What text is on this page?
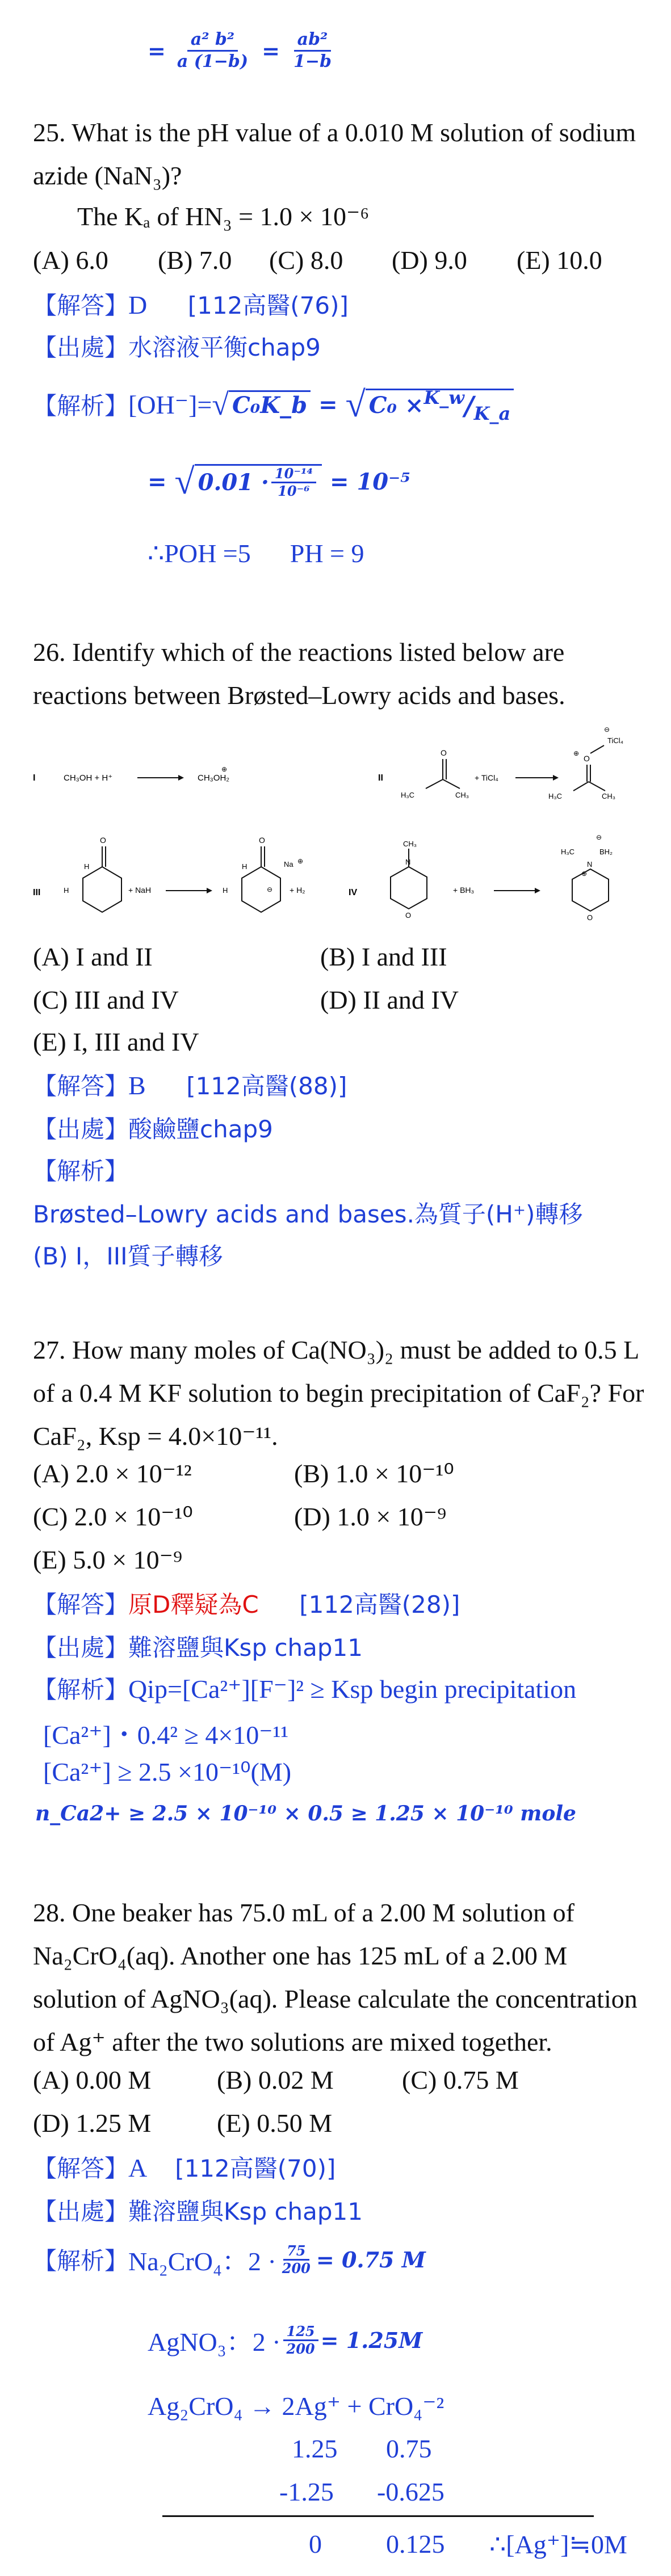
= $\frac{\text{a² b²}}{a (1-b)} = \frac{\text{ab²}}{1-b}$
25. What is the pH value of a 0.010 M solution of sodium azide (NaN₃)?
The Kₐ of HN₃ = 1.0 × 10⁻⁶
(A) 6.0 (B) 7.0 (C) 8.0 (D) 9.0 (E) 10.0
【解答】D [112高醫(76)]
【出處】水溶液平衡chap9
【解析】 [OH⁻]= √ C₀K_b = √ C₀ × K_w / K_a
= √ $0.01 \cdot \frac{\text{10⁻¹⁴}}{\text{10⁻⁶}} = 10^{-5}$
∴POH =5      PH = 9
26. Identify which of the reactions listed below are reactions between Brøsted–Lowry acids and bases.
I	CH₃OH + H⁺	CH₃OH₂
⊕
II
O
H₃C	CH₃
+ TiCl₄
⊖
TiCl₄
⊕
O
H₃C	CH₃
III
O
H
H
+ NaH
O
H
H	Na ⊕
⊖ + H₂	IV
N
CH₃
O
+ BH₃
N
⊕
H₃C	BH₂
⊖
O
(A) I and II	(B) I and III
(C) III and IV	(D) II and IV
(E) I, III and IV
【解答】B [112高醫(88)]
【出處】酸鹼鹽chap9
【解析】
Brøsted–Lowry acids and bases.為質子(H⁺)轉移
(B) I，III質子轉移
27. How many moles of Ca(NO₃)₂ must be added to 0.5 L of a 0.4 M KF solution to begin precipitation of CaF₂? For CaF₂, Ksp = 4.0×10⁻¹¹.
(A) 2.0 × 10⁻¹²	(B) 1.0 × 10⁻¹⁰
(C) 2.0 × 10⁻¹⁰	(D) 1.0 × 10⁻⁹
(E) 5.0 × 10⁻⁹
【解答】原D釋疑為C [112高醫(28)]
【出處】難溶鹽與Ksp chap11
【解析】Qip=[Ca²⁺][F⁻]² ≥ Ksp begin precipitation
[Ca²⁺]・0.4² ≥ 4×10⁻¹¹
[Ca²⁺] ≥ 2.5 ×10⁻¹⁰(M)
n_Ca2+ ≥ 2.5 × 10⁻¹⁰ × 0.5 ≥ 1.25 × 10⁻¹⁰ mole
28. One beaker has 75.0 mL of a 2.00 M solution of Na₂CrO₄(aq). Another one has 125 mL of a 2.00 M solution of AgNO₃(aq). Please calculate the concentration of Ag⁺ after the two solutions are mixed together.
(A) 0.00 M	(B) 0.02 M	(C) 0.75 M
(D) 1.25 M	(E) 0.50 M
【解答】A [112高醫(70)]
【出處】難溶鹽與Ksp chap11
【解析】 Na₂CrO₄：$2 \cdot \frac{75}{200} = 0.75$ M
AgNO₃：$2 \cdot \frac{125}{200} = 1.25M$
Ag₂CrO₄ → 2Ag⁺ + CrO₄⁻²
1.25 0.75
-1.25 -0.625
0 0.125 ∴[Ag⁺]≒0M
